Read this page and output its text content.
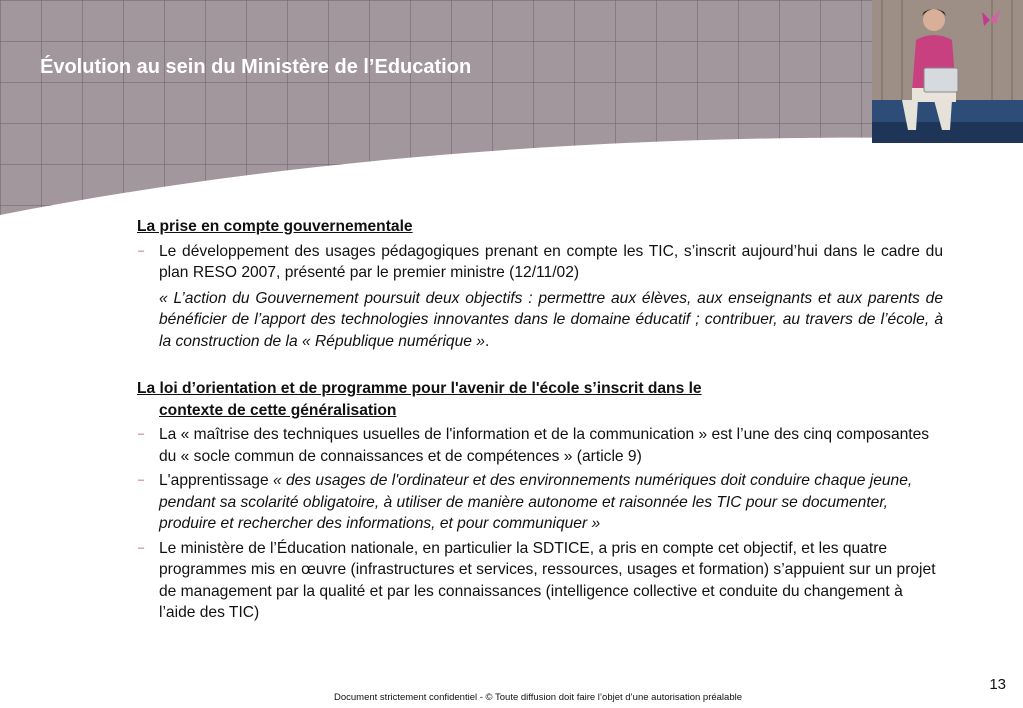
Évolution au sein du Ministère de l’Education

La prise en compte gouvernementale

– Le développement des usages pédagogiques prenant en compte les TIC, s’inscrit aujourd’hui dans le cadre du plan RESO 2007, présenté par le premier ministre (12/11/02)

« L’action du Gouvernement poursuit deux objectifs : permettre aux élèves, aux enseignants et aux parents de bénéficier de l’apport des technologies innovantes dans le domaine éducatif ; contribuer, au travers de l’école, à la construction de la « République numérique ».

La loi d’orientation et de programme pour l'avenir de l'école s’inscrit dans le

contexte de cette généralisation

– La « maîtrise des techniques usuelles de l'information et de la communication » est l’une des cinq composantes du « socle commun de connaissances et de compétences » (article 9)

– L'apprentissage « des usages de l'ordinateur et des environnements numériques doit conduire chaque jeune, pendant sa scolarité obligatoire, à utiliser de manière autonome et raisonnée les TIC pour se documenter, produire et rechercher des informations, et pour communiquer »

– Le ministère de l’Éducation nationale, en particulier la SDTICE, a pris en compte cet objectif, et les quatre programmes mis en œuvre (infrastructures et services, ressources, usages et formation) s’appuient sur un projet de management par la qualité et par les connaissances (intelligence collective et conduite du changement à l’aide des TIC)

13
Document strictement confidentiel - © Toute diffusion doit faire l’objet d’une autorisation préalable
